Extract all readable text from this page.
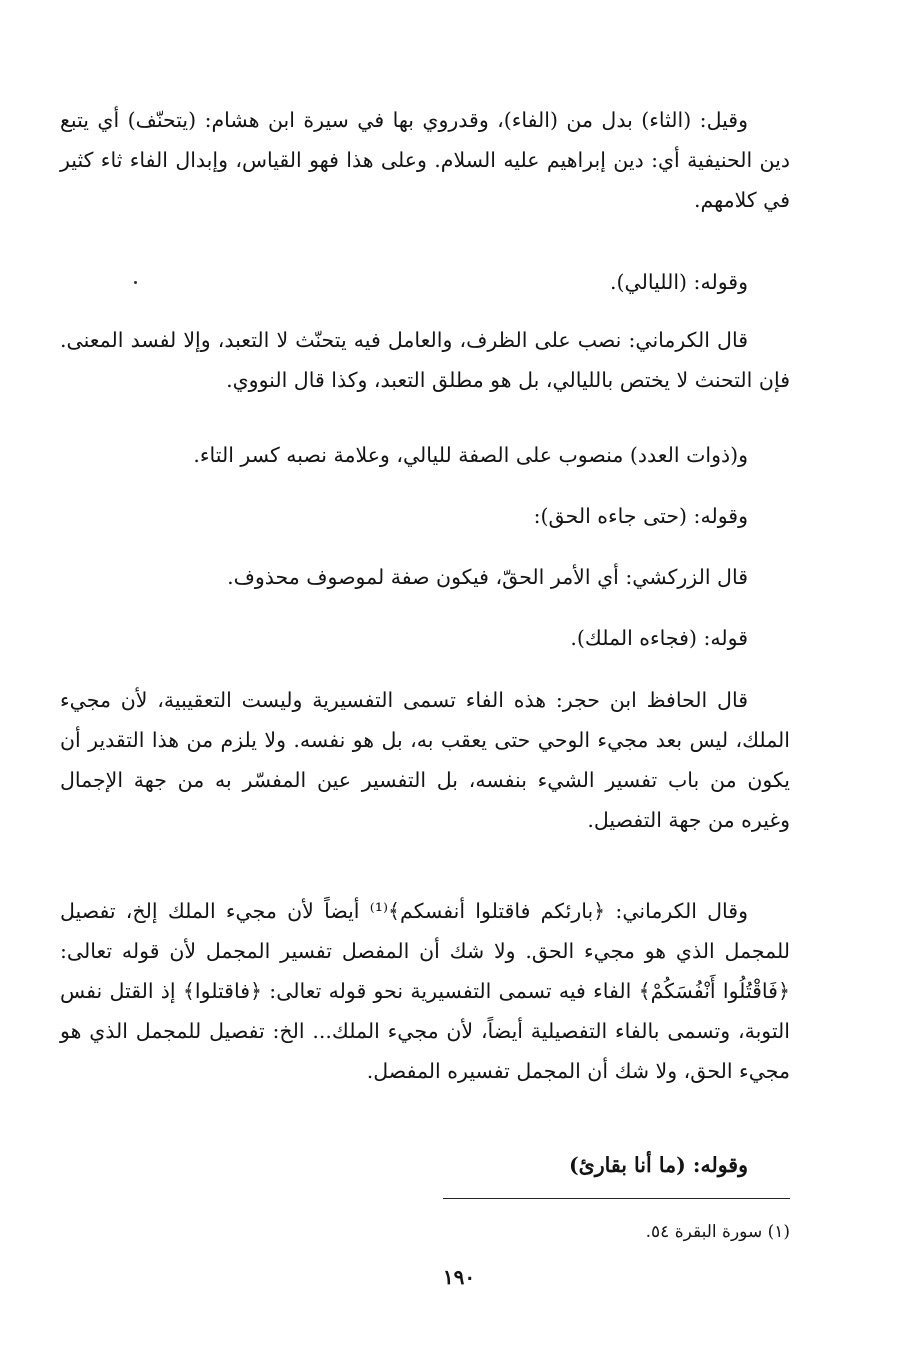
وقيل: (الثاء) بدل من (الفاء)، وقدروي بها في سيرة ابن هشام: (يتحنّف) أي يتبع دين الحنيفية أي: دين إبراهيم عليه السلام. وعلى هذا فهو القياس، وإبدال الفاء ثاء كثير في كلامهم.

وقوله: (الليالي).

قال الكرماني: نصب على الظرف، والعامل فيه يتحنّث لا التعبد، وإلا لفسد المعنى. فإن التحنث لا يختص بالليالي، بل هو مطلق التعبد، وكذا قال النووي.

و(ذوات العدد) منصوب على الصفة لليالي، وعلامة نصبه كسر التاء.

وقوله: (حتى جاءه الحق):

قال الزركشي: أي الأمر الحقّ، فيكون صفة لموصوف محذوف.

قوله: (فجاءه الملك).

قال الحافظ ابن حجر: هذه الفاء تسمى التفسيرية وليست التعقيبية، لأن مجيء الملك، ليس بعد مجيء الوحي حتى يعقب به، بل هو نفسه. ولا يلزم من هذا التقدير أن يكون من باب تفسير الشيء بنفسه، بل التفسير عين المفسّر به من جهة الإجمال وغيره من جهة التفصيل.

وقال الكرماني: ﴿بارئكم فاقتلوا أنفسكم﴾⁽¹⁾ أيضاً لأن مجيء الملك إلخ، تفصيل للمجمل الذي هو مجيء الحق. ولا شك أن المفصل تفسير المجمل لأن قوله تعالى: ﴿فَاقْتُلُوا أَنْفُسَكُمْ﴾ الفاء فيه تسمى التفسيرية نحو قوله تعالى: ﴿فاقتلوا﴾ إذ القتل نفس التوبة، وتسمى بالفاء التفصيلية أيضاً، لأن مجيء الملك... الخ: تفصيل للمجمل الذي هو مجيء الحق، ولا شك أن المجمل تفسيره المفصل.

وقوله: (ما أنا بقارئ)

(١) سورة البقرة ٥٤.
١٩٠
